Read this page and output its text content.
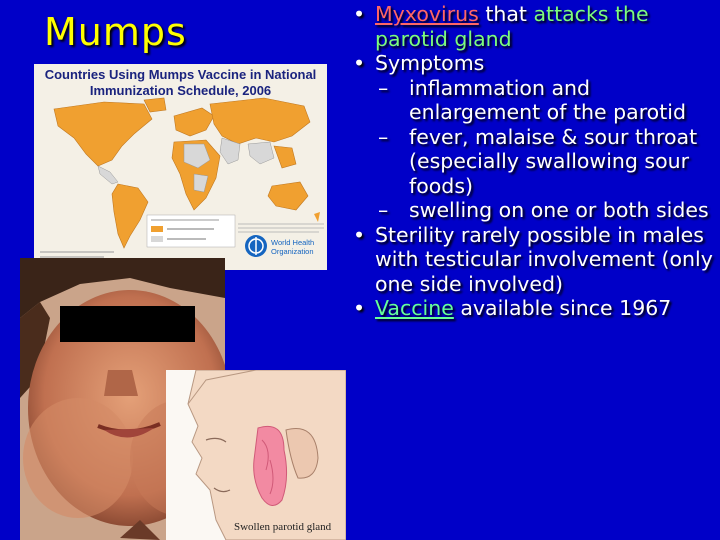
Mumps	• Myxovirus that attacks the parotid gland
• Symptoms
– inflammation and enlargement of the parotid
– fever, malaise & sour throat (especially swallowing sour foods)
– swelling on one or both sides
• Sterility rarely possible in males with testicular involvement (only one side involved)
• Vaccine available since 1967
Countries Using Mumps Vaccine in National
Immunization Schedule, 2006
World Health
Organization
Swollen parotid gland
